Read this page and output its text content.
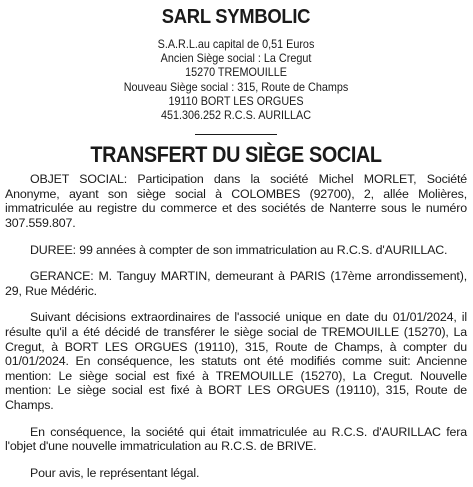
SARL SYMBOLIC
S.A.R.L.au capital de 0,51 Euros
Ancien Siège social : La Cregut
15270 TREMOUILLE
Nouveau Siège social : 315, Route de Champs
19110 BORT LES ORGUES
451.306.252 R.C.S. AURILLAC
TRANSFERT DU SIÈGE SOCIAL

OBJET SOCIAL: Participation dans la société Michel MORLET, Société Anonyme, ayant son siège social à COLOMBES (92700), 2, allée Molières, immatriculée au registre du commerce et des sociétés de Nanterre sous le numéro 307.559.807.

DUREE: 99 années à compter de son immatriculation au R.C.S. d'AURILLAC.

GERANCE: M. Tanguy MARTIN, demeurant à PARIS (17ème arrondissement), 29, Rue Médéric.

Suivant décisions extraordinaires de l'associé unique en date du 01/01/2024, il résulte qu'il a été décidé de transférer le siège social de TREMOUILLE (15270), La Cregut, à BORT LES ORGUES (19110), 315, Route de Champs, à compter du 01/01/2024. En conséquence, les statuts ont été modifiés comme suit: Ancienne mention: Le siège social est fixé à TREMOUILLE (15270), La Cregut. Nouvelle mention: Le siège social est fixé à BORT LES ORGUES (19110), 315, Route de Champs.

En conséquence, la société qui était immatriculée au R.C.S. d'AURILLAC fera l'objet d'une nouvelle immatriculation au R.C.S. de BRIVE.

Pour avis, le représentant légal.
